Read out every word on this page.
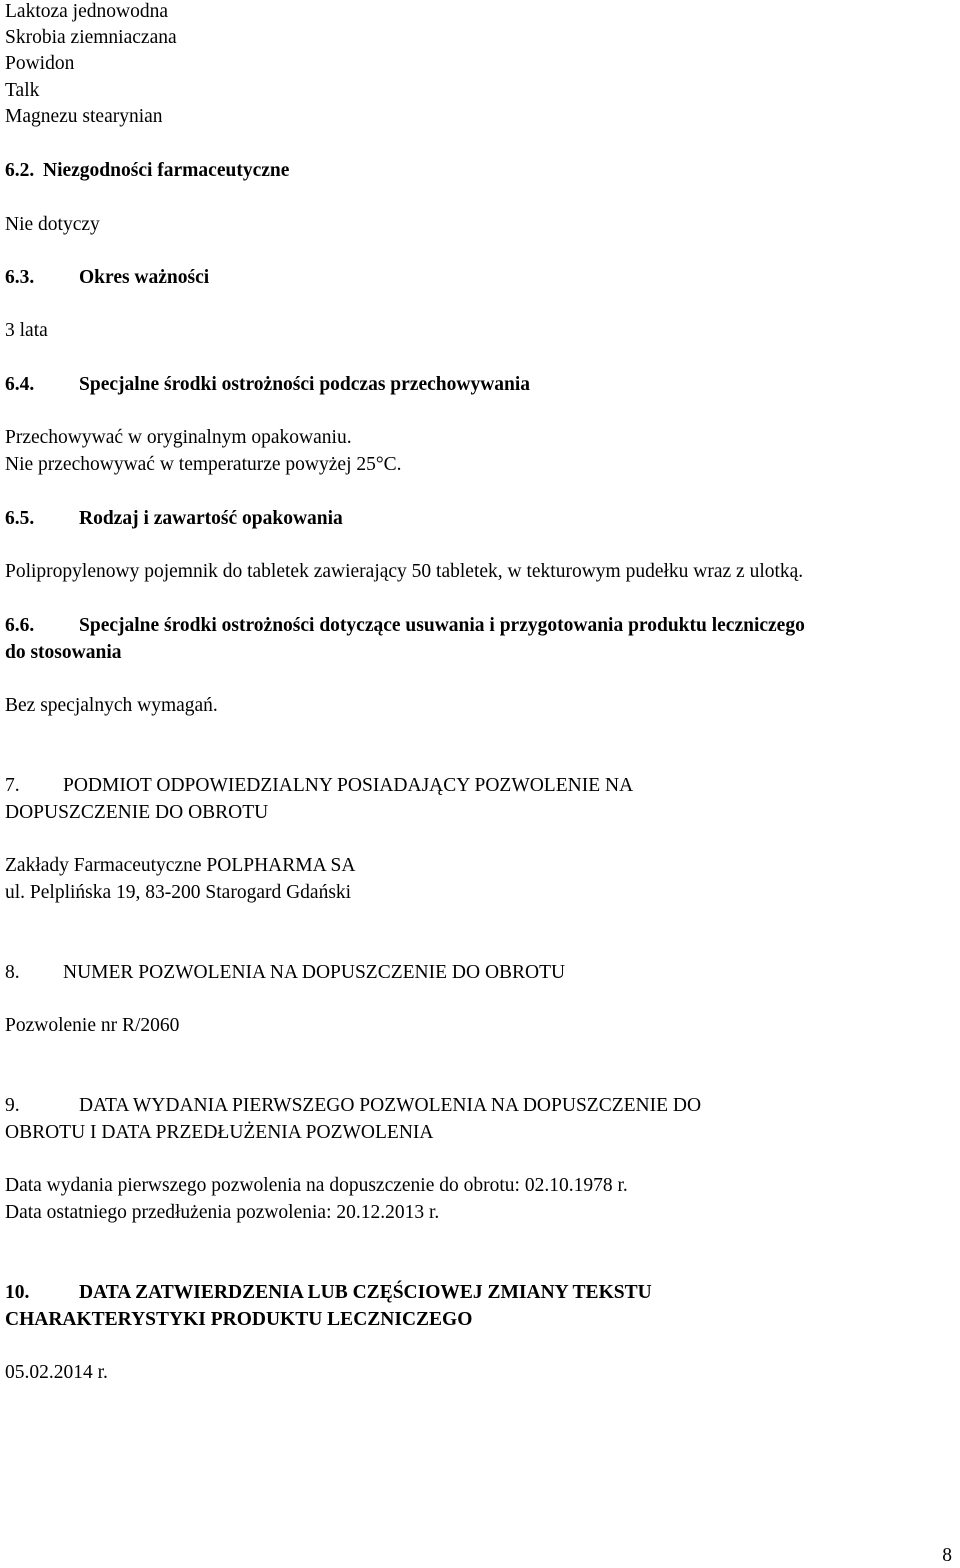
Laktoza jednowodna
Skrobia ziemniaczana
Powidon
Talk
Magnezu stearynian
6.2. Niezgodności farmaceutyczne
Nie dotyczy
6.3. Okres ważności
3 lata
6.4. Specjalne środki ostrożności podczas przechowywania
Przechowywać w oryginalnym opakowaniu.
Nie przechowywać w temperaturze powyżej 25°C.
6.5. Rodzaj i zawartość opakowania
Polipropylenowy pojemnik do tabletek zawierający 50 tabletek, w tekturowym pudełku wraz z ulotką.
6.6. Specjalne środki ostrożności dotyczące usuwania i przygotowania produktu leczniczego
do stosowania
Bez specjalnych wymagań.
7. PODMIOT ODPOWIEDZIALNY POSIADAJĄCY POZWOLENIE NA
DOPUSZCZENIE DO OBROTU
Zakłady Farmaceutyczne POLPHARMA SA
ul. Pelplińska 19, 83-200 Starogard Gdański
8. NUMER POZWOLENIA NA DOPUSZCZENIE DO OBROTU
Pozwolenie nr R/2060
9.	DATA WYDANIA PIERWSZEGO POZWOLENIA NA DOPUSZCZENIE DO
OBROTU I DATA PRZEDŁUŻENIA POZWOLENIA
Data wydania pierwszego pozwolenia na dopuszczenie do obrotu: 02.10.1978 r.
Data ostatniego przedłużenia pozwolenia: 20.12.2013 r.
10.	DATA ZATWIERDZENIA LUB CZĘŚCIOWEJ ZMIANY TEKSTU
CHARAKTERYSTYKI PRODUKTU LECZNICZEGO
05.02.2014 r.
8
